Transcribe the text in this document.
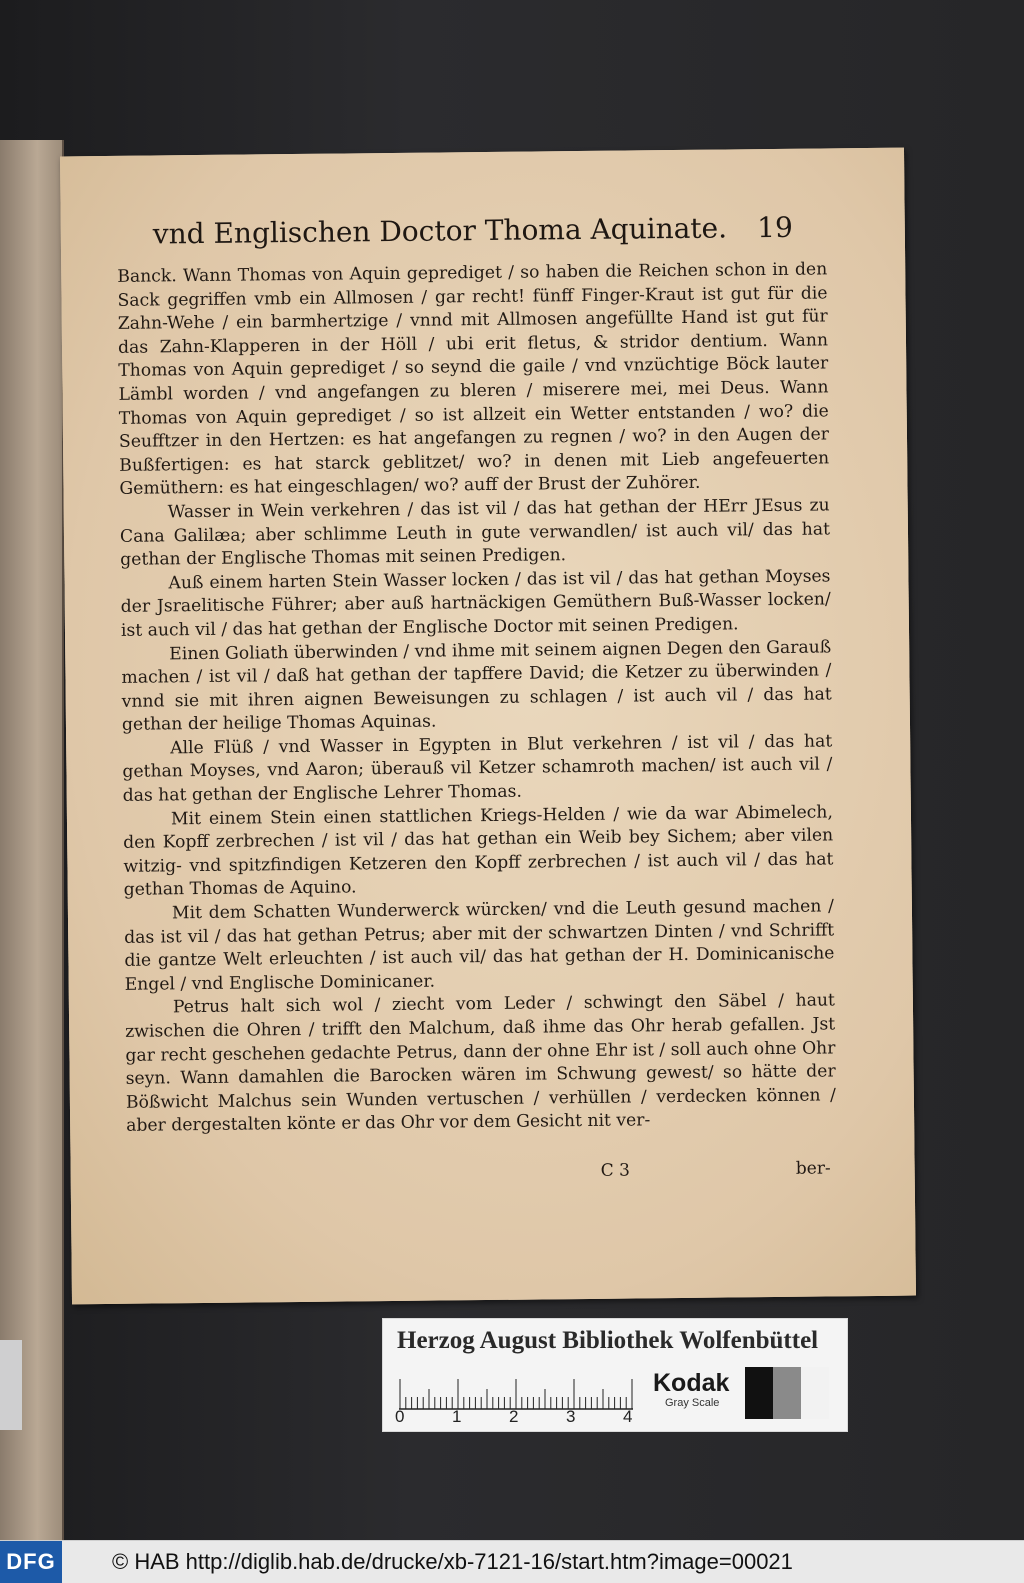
vnd Englischen Doctor Thoma Aquinate. 19

Banck. Wann Thomas von Aquin geprediget / so haben die Reichen schon in den Sack gegriffen vmb ein Allmosen / gar recht! fünff Finger-Kraut ist gut für die Zahn-Wehe / ein barmhertzige / vnnd mit Allmosen angefüllte Hand ist gut für das Zahn-Klapperen in der Höll / ubi erit fletus, & stridor dentium. Wann Thomas von Aquin geprediget / so seynd die gaile / vnd vnzüchtige Böck lauter Lämbl worden / vnd angefangen zu bleren / miserere mei, mei Deus. Wann Thomas von Aquin geprediget / so ist allzeit ein Wetter entstanden / wo? die Seufftzer in den Hertzen: es hat angefangen zu regnen / wo? in den Augen der Bußfertigen: es hat starck geblitzet/ wo? in denen mit Lieb angefeuerten Gemüthern: es hat eingeschlagen/ wo? auff der Brust der Zuhörer.

Wasser in Wein verkehren / das ist vil / das hat gethan der HErr JEsus zu Cana Galilæa; aber schlimme Leuth in gute verwandlen/ ist auch vil/ das hat gethan der Englische Thomas mit seinen Predigen.

Auß einem harten Stein Wasser locken / das ist vil / das hat gethan Moyses der Jsraelitische Führer; aber auß hartnäckigen Gemüthern Buß-Wasser locken/ ist auch vil / das hat gethan der Englische Doctor mit seinen Predigen.

Einen Goliath überwinden / vnd ihme mit seinem aignen Degen den Garauß machen / ist vil / daß hat gethan der tapffere David; die Ketzer zu überwinden / vnnd sie mit ihren aignen Beweisungen zu schlagen / ist auch vil / das hat gethan der heilige Thomas Aquinas.

Alle Flüß / vnd Wasser in Egypten in Blut verkehren / ist vil / das hat gethan Moyses, vnd Aaron; überauß vil Ketzer schamroth machen/ ist auch vil / das hat gethan der Englische Lehrer Thomas.

Mit einem Stein einen stattlichen Kriegs-Helden / wie da war Abimelech, den Kopff zerbrechen / ist vil / das hat gethan ein Weib bey Sichem; aber vilen witzig- vnd spitzfindigen Ketzeren den Kopff zerbrechen / ist auch vil / das hat gethan Thomas de Aquino.

Mit dem Schatten Wunderwerck würcken/ vnd die Leuth gesund machen / das ist vil / das hat gethan Petrus; aber mit der schwartzen Dinten / vnd Schrifft die gantze Welt erleuchten / ist auch vil/ das hat gethan der H. Dominicanische Engel / vnd Englische Dominicaner.

Petrus halt sich wol / ziecht vom Leder / schwingt den Säbel / haut zwischen die Ohren / trifft den Malchum, daß ihme das Ohr herab gefallen. Jst gar recht geschehen gedachte Petrus, dann der ohne Ehr ist / soll auch ohne Ohr seyn. Wann damahlen die Barocken wären im Schwung gewest/ so hätte der Bößwicht Malchus sein Wunden vertuschen / verhüllen / verdecken können / aber dergestalten könte er das Ohr vor dem Gesicht nit ver-

C 3	ber-
Herzog August Bibliothek Wolfenbüttel
0	1	2	3	4
Kodak
Gray Scale
DFG	© HAB http://diglib.hab.de/drucke/xb-7121-16/start.htm?image=00021
